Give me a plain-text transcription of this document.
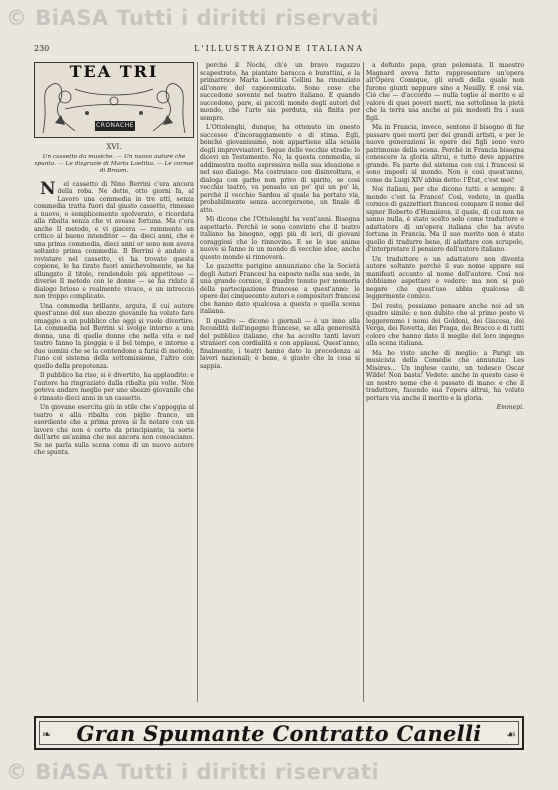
© BiASA Tutti i diritti riservati
230	L'ILLUSTRAZIONE ITALIANA
TEA TRI
CRONACHE
XVI.
Un cassetto da musiche. — Un nuovo autore che spunta. — Le disgrazie di Marta Loetitia. — Le cornae di Broom.

N el cassetto di Nino Berrini c'era ancora della roba. Ne dette, otto giorni fa, al Lavoro una commedia in tre atti, senza commedia tratta fuori dal giusto cassetto, rimesso a nuovo, o semplicemente spolverato, e ricordata alla ribalta senza che vi avesse fortuna. Ma c'era anche Il metodo, e vi giacera — rammento un critico al buono intenditor — da dieci anni, che è una prima commedia, dieci anni or sono non aveva soltanto prima commedia. Il Berrini è andato a rovistare nel cassetto, vi ha trovato questa copione, lo ha tirato fuori amichevolmente, se ha allungato il titolo, rendendolo più appetitoso — diverse Il metodo con le donne — se ha ridato il dialogo brioso e realmente vivace, e un intreccio non troppo complicato.

Una commedia brillante, arguta, il cui autore quest'anno del suo sbozzo giovanile ha voluto fare omaggio a un pubblico che oggi si vuole divertire. La commedia nel Berrini si svolge intorno a una donna, una di quelle donne che nella vita e nel teatro fanno la pioggia e il bel tempo, e intorno a due uomini che se la contendono a furia di metodo, l'uno col sistema della sottomissione, l'altro con quello della prepotenza.

Il pubblico ha riso, si è divertito, ha applaudito: e l'autore ha ringraziato dalla ribalta più volte. Non poteva andare meglio per uno sbozzo giovanile che è rimasto dieci anni in un cassetto.

Un giovane esercita giù in stile che s'appoggia al teatro e alla ribalta con piglio franco, un esordiente che a prima prova si fa notare con un lavoro che non è certo da principiante, la sorte dell'arte un'anima che noi ancora non conosciamo. Se ne parla sulla scena come di un nuovo autore che spunta.

perchè il Nochi, ch'è un bravo ragazzo scapestrato, ha piantato baracca e burattini, e la primattrice Marta Loetitia Cellini ha rinunziato all'onore del capocomicato. Sono cose che succedono sovente nel teatro italiano. E quando succedono, pare, ai piccoli mondo degli autori del mondo, che l'arte sia perduta, sia finita per sempre.

L'Ottolenghi, dunque, ha ottenuto un onesto successo d'incoraggiamento e di stima. Egli, benchè giovanissimo, non appartiene alla scuola degli improvvisatori. Segue delle vecchie strade: lo dicevi un Testamento. No, la questa commedia, si addimostra molto espressiva nella sua ideazione e nel suo dialogo. Ma costruisce con disinvoltura, e dialoga con garbo non privo di spirito, se così vecchio teatro, va pensato un po' qui un po' là, perchè il vecchio Sardou al quale ha portato via, probabilmente senza accorgersene, un finale di atto.

Mi dicono che l'Ottolenghi ha vent'anni. Bisogna aspettarlo. Perchè io sono convinto che il teatro italiano ha bisogno, oggi più di ieri, di giovani coraggiosi che lo rinnovino. E se le sue anime nuove si fanno in un mondo di vecchie idee, anche questo mondo si rinnoverà.

Le gazzette parigine annunziano che la Società degli Autori Francesi ha esposto nella sua sede, in una grande cornice, il quadro tenuto per memoria della partecipazione francese a quest'anno: le opere dei cinquecento autori e compositori francesi che hanno dato qualcosa a questa o quella scena italiana.

Il quadro — dicono i giornali — è un inno alla fecondità dell'ingegno francese, se alla generosità del pubblico italiano, che ha accolto tanti lavori stranieri con cordialità e con applausi. Quest'anno, finalmente, i teatri hanno dato la precedenza ai lavori nazionali; è bene, è giusto che la cosa si sappia.

a defunto papà, gran polemista. Il maestro Magnard aveva fatto rappresentare un'opera all'Opéra Comique, gli eredi della quale non furono giunti neppure sino a Neuilly. E così via. Ciò che — d'accordo — nulla toglie al merito e al valore di quei poveri morti, ma sottolinea la pietà che la terra usa anche ai più modesti fra i suoi figli.

Ma in Francia, invece, sentono il bisogno di far passare quei morti per dei grandi artisti, e per le nuove generazioni le opere dei figli sono vero patrimonio della scena. Perchè in Francia bisogna conoscere la gloria altrui, e tutto deve apparire grande. Fa parte del sistema con cui i francesi si sono imposti al mondo. Non è così quest'anno, come da Luigi XIV abbia detto: l'État, c'est moi!

Noi italiani, per che dicono tutti: e sempre: il mondo c'est la France! Così, vedete, in quella cornice di gazzettieri francesi compare il nome del signor Roberto d'Humières, il quale, di cui non ne sanno nulla, è stato scelto solo come traduttore e adattatore di un'opera italiana che ha avuto fortuna in Francia. Ma il suo merito non è stato quello di tradurre bene, di adattare con scrupolo, d'interpretare il pensiero dell'autore italiano.

Un traduttore o un adattatore non diventa autore soltanto perchè il suo nome appare sui manifesti accanto al nome dell'autore. Così noi dobbiamo aspettare e vedere: ma non si può negare che quest'uso abbia qualcosa di leggermente comico.

Del resto, possiamo pensare anche noi ad un quadro simile: e non dubito che al primo posto vi leggeremmo i nomi dei Goldoni, dei Giacosa, dei Verga, dei Rovetta, dei Praga, dei Bracco e di tutti coloro che hanno dato il meglio del loro ingegno alla scena italiana.

Ma ho visto anche di meglio: a Parigi un musicista della Comédie che annunzia: Les Misères... Un inglese cauto, un tedesco Oscar Wilde! Non basta! Vedete: anche in questo caso è un nostro nome che è passato di mano: e che il traduttore, facendo sua l'opera altrui, ha voluto portare via anche il merito e la gloria.

Emmepi.
❧	Gran Spumante Contratto Canelli	☙
© BiASA Tutti i diritti riservati
